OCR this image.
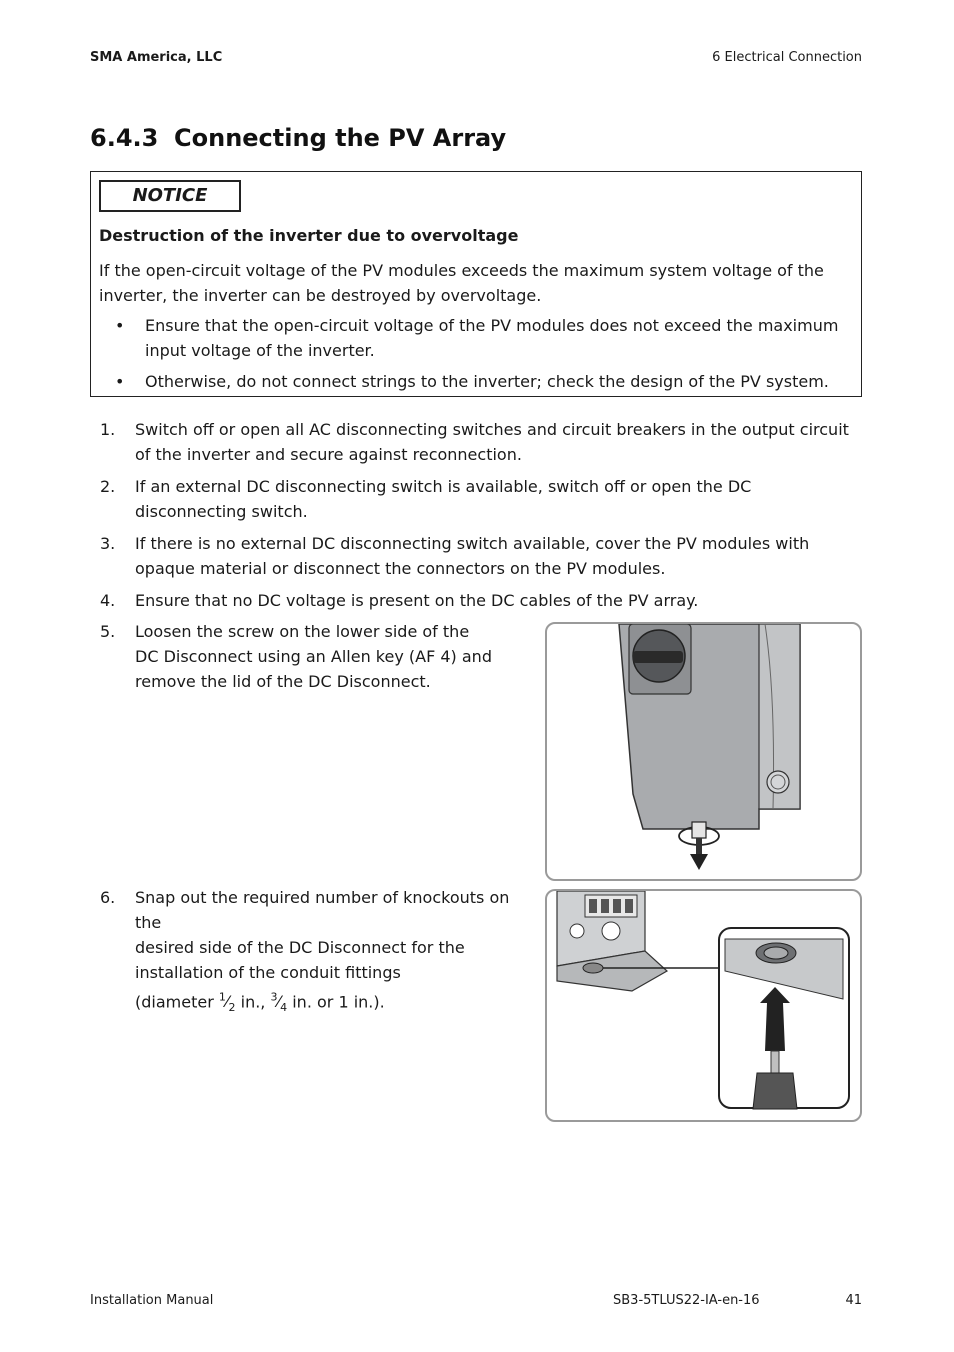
SMA America, LLC	6 Electrical Connection
6.4.3 Connecting the PV Array
NOTICE
Destruction of the inverter due to overvoltage
If the open-circuit voltage of the PV modules exceeds the maximum system voltage of the inverter, the inverter can be destroyed by overvoltage.
• Ensure that the open-circuit voltage of the PV modules does not exceed the maximum input voltage of the inverter.
• Otherwise, do not connect strings to the inverter; check the design of the PV system.
1. Switch off or open all AC disconnecting switches and circuit breakers in the output circuit of the inverter and secure against reconnection.
2. If an external DC disconnecting switch is available, switch off or open the DC disconnecting switch.
3. If there is no external DC disconnecting switch available, cover the PV modules with opaque material or disconnect the connectors on the PV modules.
4. Ensure that no DC voltage is present on the DC cables of the PV array.
5. Loosen the screw on the lower side of the
DC Disconnect using an Allen key (AF 4) and
remove the lid of the DC Disconnect.
6. Snap out the required number of knockouts on the
desired side of the DC Disconnect for the
installation of the conduit fittings
(diameter $^1⁄_2$ in., $^3⁄_4$ in. or 1 in.).
Installation Manual	SB3-5TLUS22-IA-en-16	41
